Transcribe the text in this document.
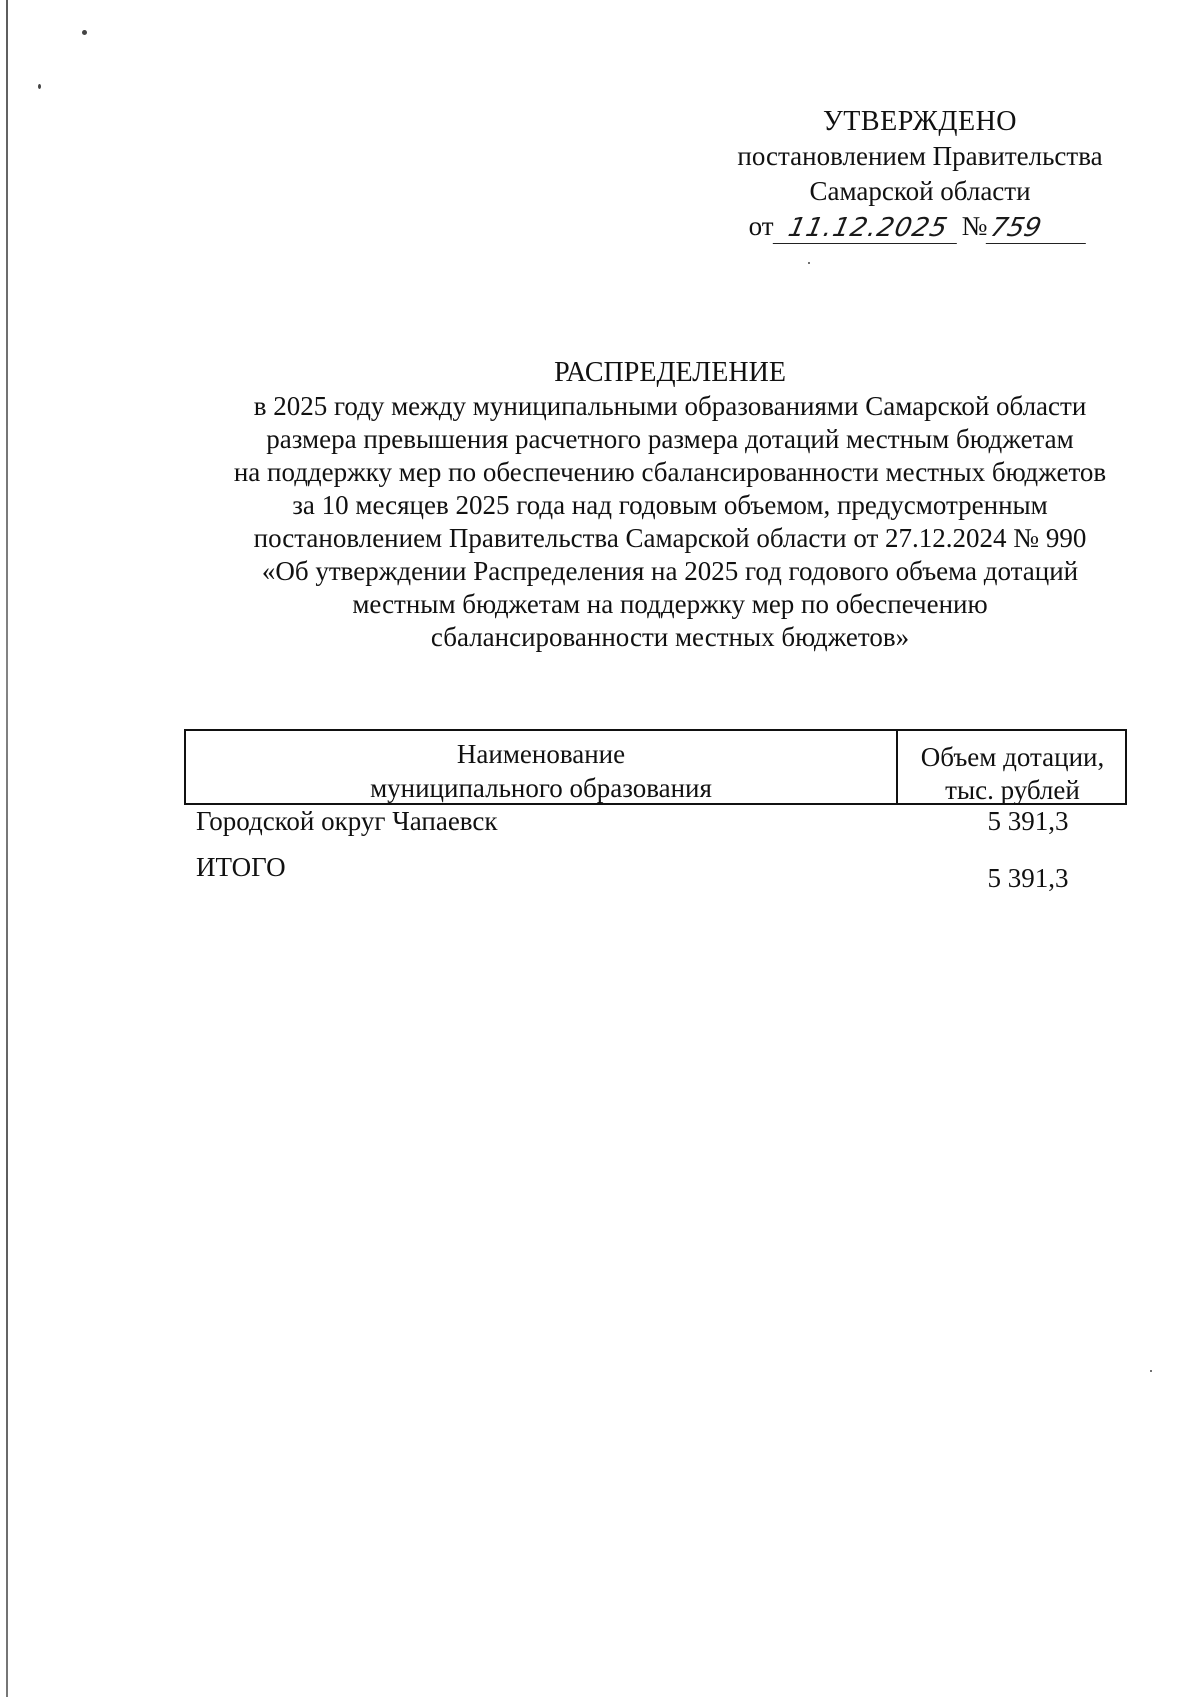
УТВЕРЖДЕНО
постановлением Правительства
Самарской области
от 11.12.2025 № 759
РАСПРЕДЕЛЕНИЕ
в 2025 году между муниципальными образованиями Самарской области
размера превышения расчетного размера дотаций местным бюджетам
на поддержку мер по обеспечению сбалансированности местных бюджетов
за 10 месяцев 2025 года над годовым объемом, предусмотренным
постановлением Правительства Самарской области от 27.12.2024 № 990
«Об утверждении Распределения на 2025 год годового объема дотаций
местным бюджетам на поддержку мер по обеспечению
сбалансированности местных бюджетов»
Наименование
муниципального образования
Объем дотации,
тыс. рублей
Городской округ Чапаевск	5 391,3
ИТОГО	5 391,3
